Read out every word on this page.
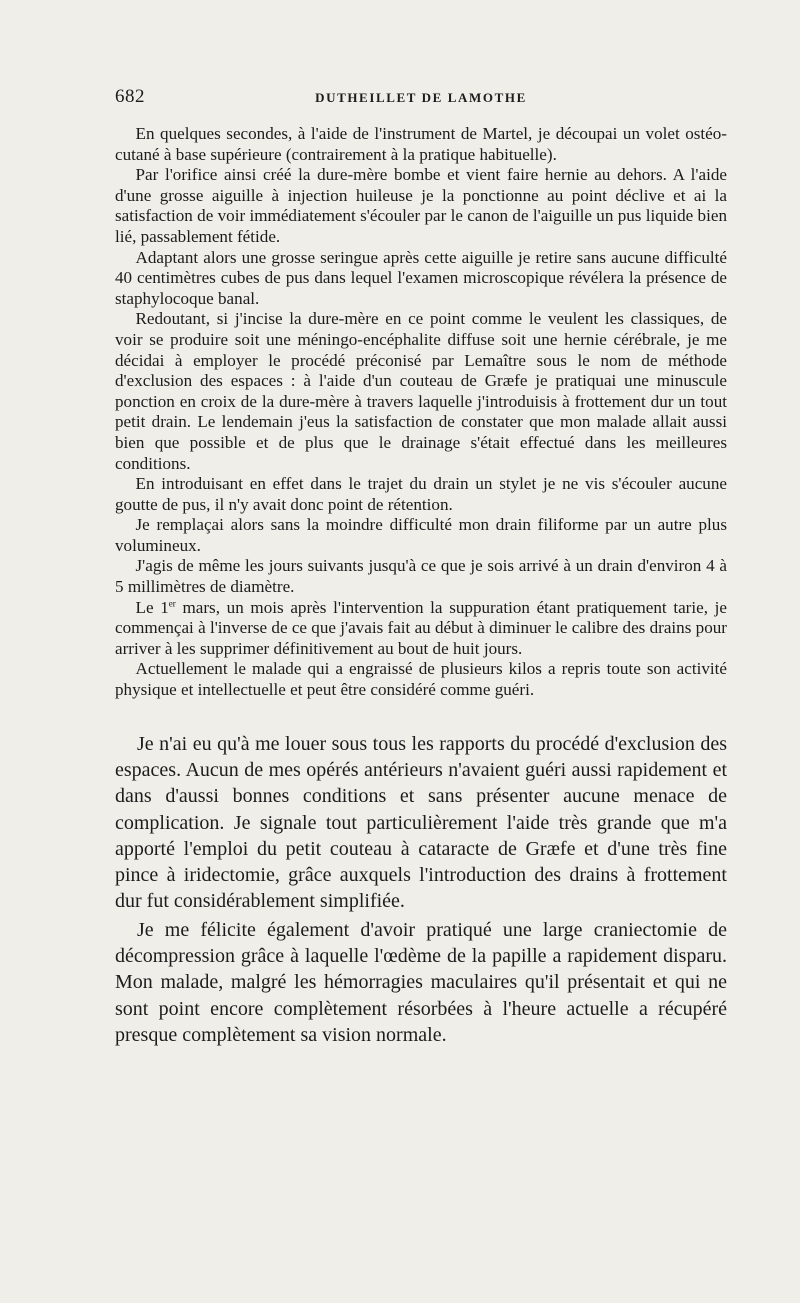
682	DUTHEILLET DE LAMOTHE

En quelques secondes, à l'aide de l'instrument de Martel, je découpai un volet ostéo-cutané à base supérieure (contrairement à la pratique habituelle).

Par l'orifice ainsi créé la dure-mère bombe et vient faire hernie au dehors. A l'aide d'une grosse aiguille à injection huileuse je la ponctionne au point déclive et ai la satisfaction de voir immédiatement s'écouler par le canon de l'aiguille un pus liquide bien lié, passablement fétide.

Adaptant alors une grosse seringue après cette aiguille je retire sans aucune difficulté 40 centimètres cubes de pus dans lequel l'examen microscopique révélera la présence de staphylocoque banal.

Redoutant, si j'incise la dure-mère en ce point comme le veulent les classiques, de voir se produire soit une méningo-encéphalite diffuse soit une hernie cérébrale, je me décidai à employer le procédé préconisé par Lemaître sous le nom de méthode d'exclusion des espaces : à l'aide d'un couteau de Græfe je pratiquai une minuscule ponction en croix de la dure-mère à travers laquelle j'introduisis à frottement dur un tout petit drain. Le lendemain j'eus la satisfaction de constater que mon malade allait aussi bien que possible et de plus que le drainage s'était effectué dans les meilleures conditions.

En introduisant en effet dans le trajet du drain un stylet je ne vis s'écouler aucune goutte de pus, il n'y avait donc point de rétention.

Je remplaçai alors sans la moindre difficulté mon drain filiforme par un autre plus volumineux.

J'agis de même les jours suivants jusqu'à ce que je sois arrivé à un drain d'environ 4 à 5 millimètres de diamètre.

Le 1er mars, un mois après l'intervention la suppuration étant pratiquement tarie, je commençai à l'inverse de ce que j'avais fait au début à diminuer le calibre des drains pour arriver à les supprimer définitivement au bout de huit jours.

Actuellement le malade qui a engraissé de plusieurs kilos a repris toute son activité physique et intellectuelle et peut être considéré comme guéri.

Je n'ai eu qu'à me louer sous tous les rapports du procédé d'exclusion des espaces. Aucun de mes opérés antérieurs n'avaient guéri aussi rapidement et dans d'aussi bonnes conditions et sans présenter aucune menace de complication. Je signale tout particulièrement l'aide très grande que m'a apporté l'emploi du petit couteau à cataracte de Græfe et d'une très fine pince à iridectomie, grâce auxquels l'introduction des drains à frottement dur fut considérablement simplifiée.

Je me félicite également d'avoir pratiqué une large craniectomie de décompression grâce à laquelle l'œdème de la papille a rapidement disparu. Mon malade, malgré les hémorragies maculaires qu'il présentait et qui ne sont point encore complètement résorbées à l'heure actuelle a récupéré presque complètement sa vision normale.
